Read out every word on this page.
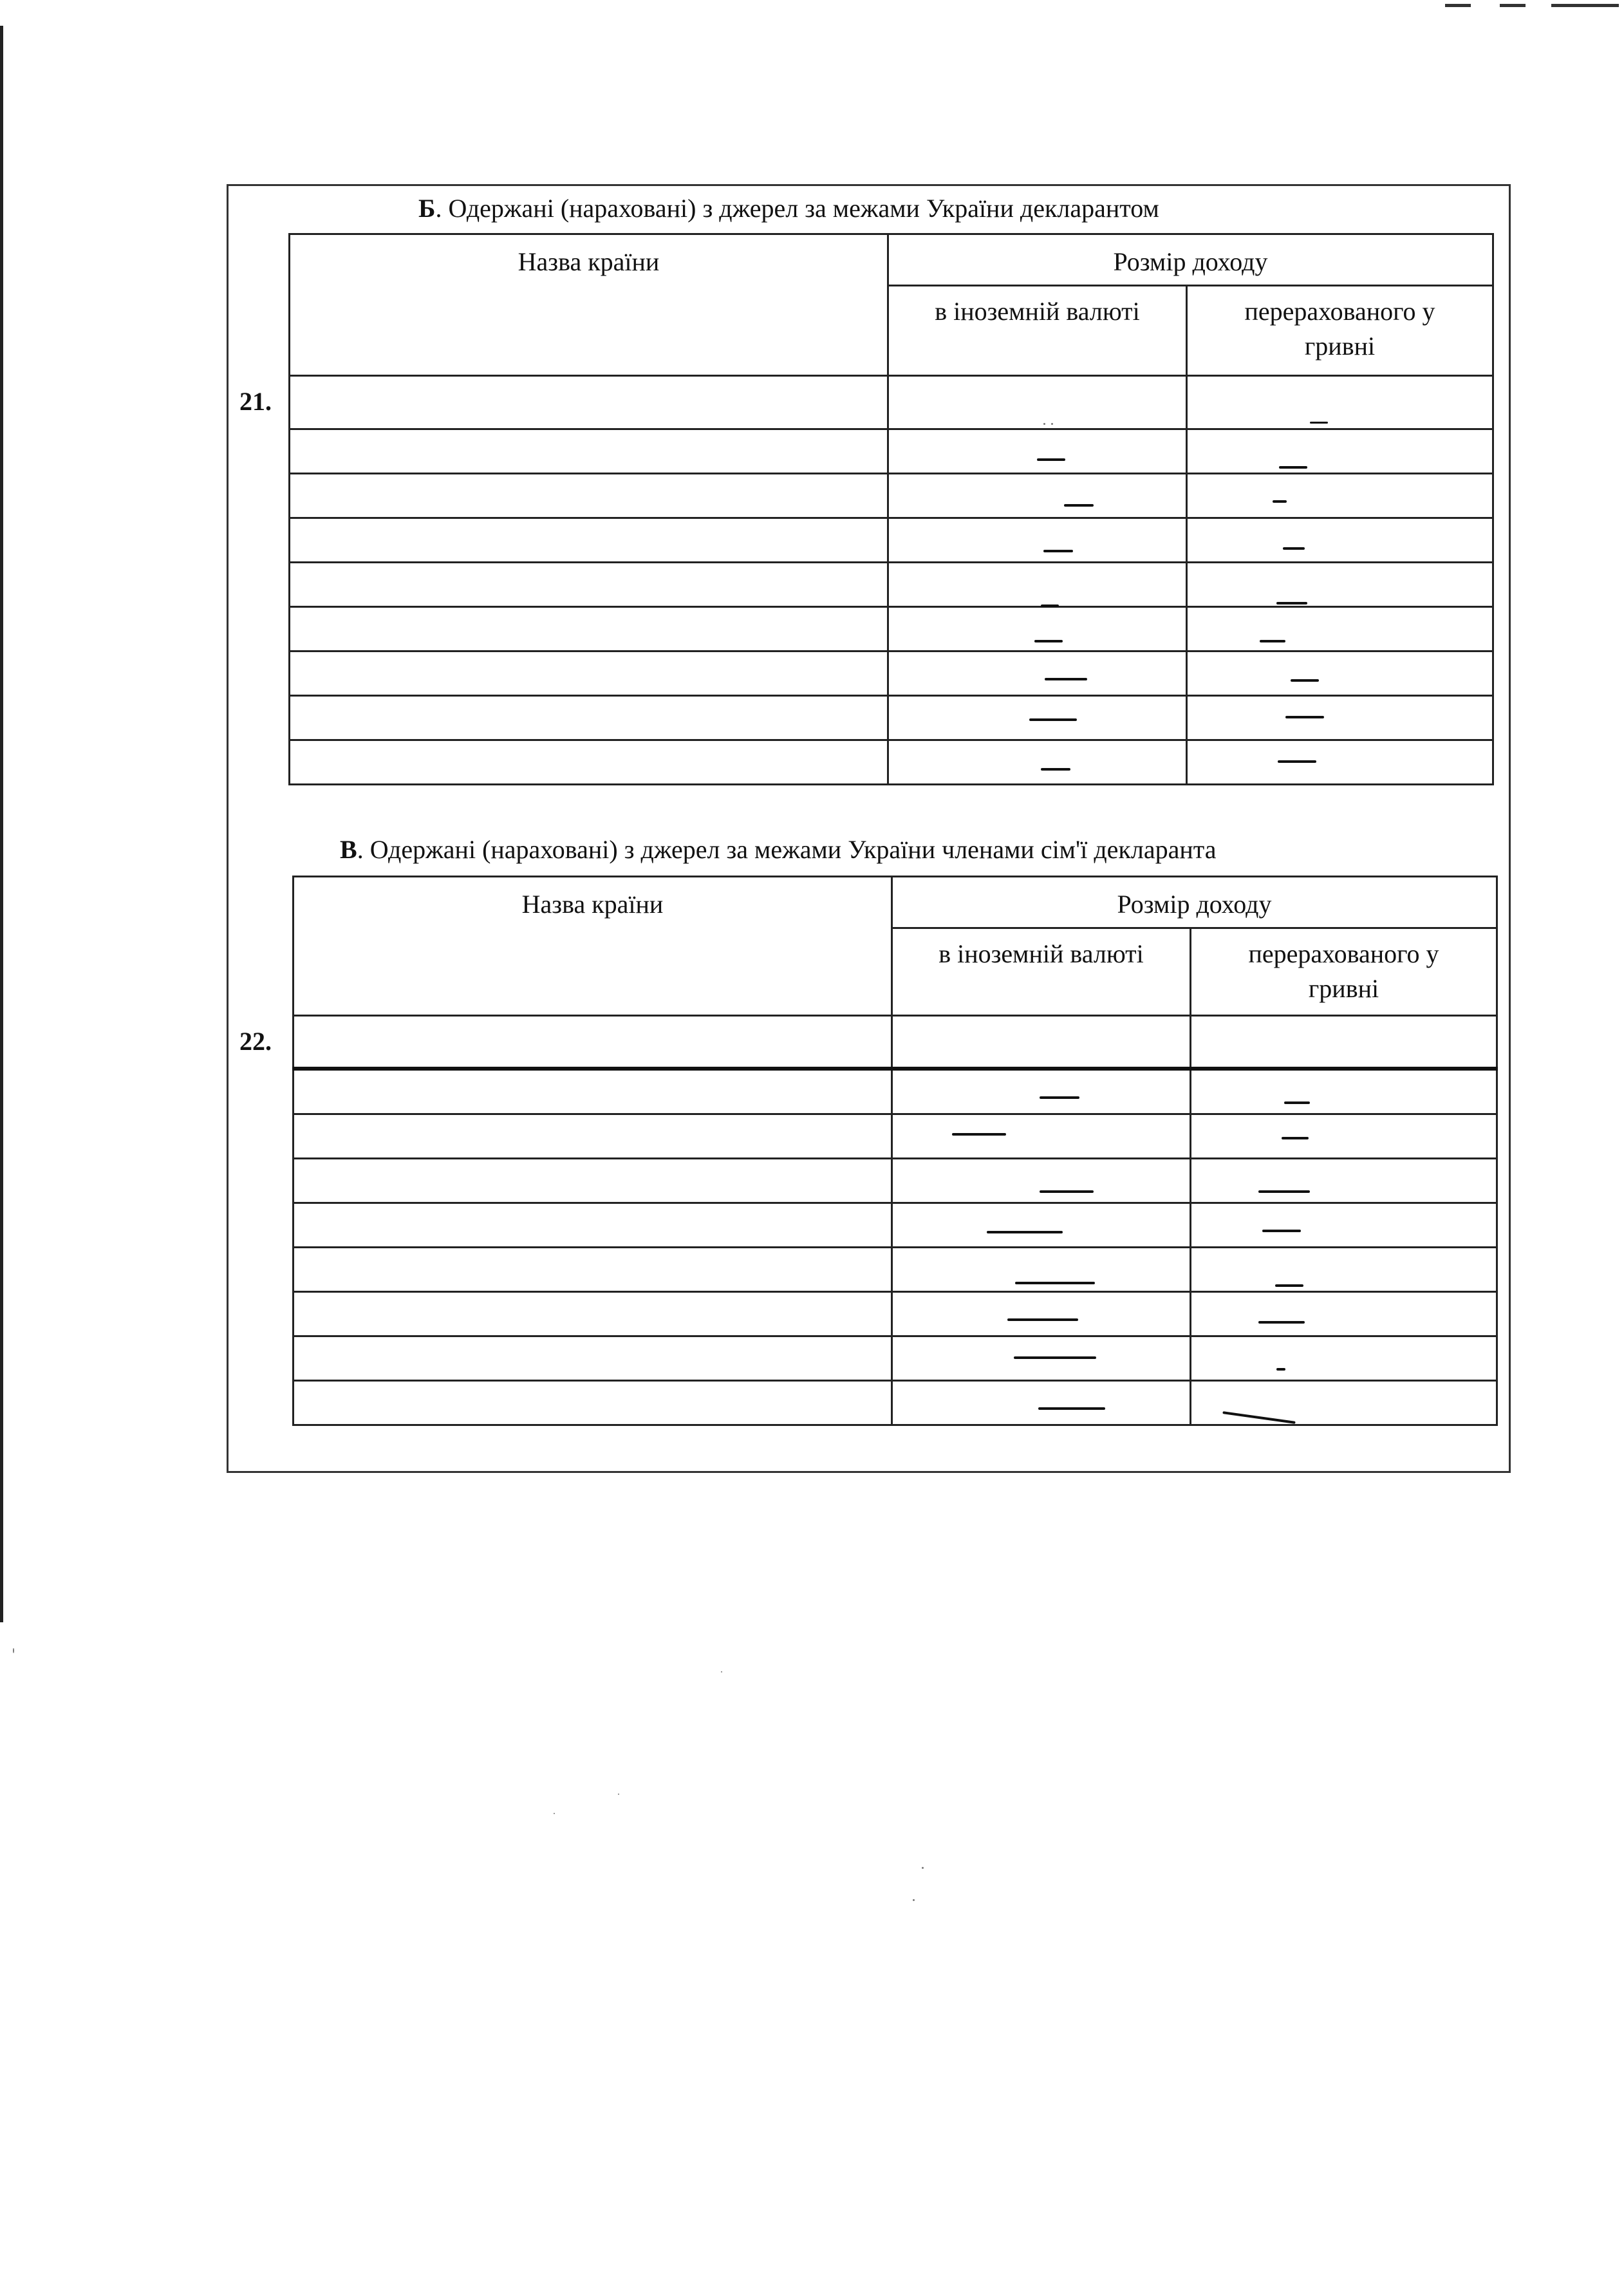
Б. Одержані (нараховані) з джерел за межами України декларантом
21.
Назва країни	Розмір доходу	
	в іноземній валюті	перерахованого у гривні

В. Одержані (нараховані) з джерел за межами України членами сім'ї декларанта
22.
Назва країни	Розмір доходу	
	в іноземній валюті	перерахованого у гривні
